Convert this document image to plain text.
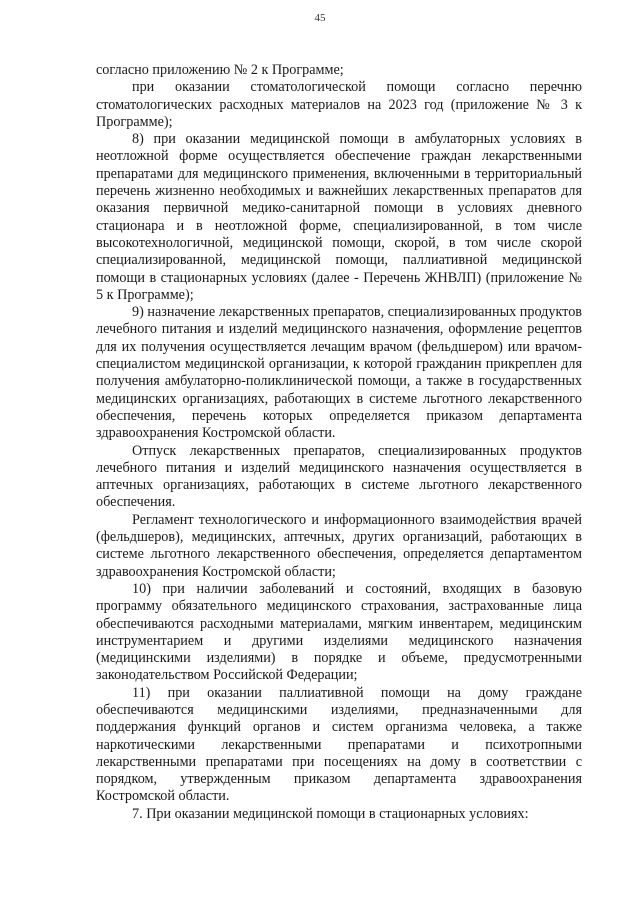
45

согласно приложению № 2 к Программе;

при оказании стоматологической помощи согласно перечню стоматологических расходных материалов на 2023 год (приложение № 3 к Программе);

8) при оказании медицинской помощи в амбулаторных условиях в неотложной форме осуществляется обеспечение граждан лекарственными препаратами для медицинского применения, включенными в территориальный перечень жизненно необходимых и важнейших лекарственных препаратов для оказания первичной медико-санитарной помощи в условиях дневного стационара и в неотложной форме, специализированной, в том числе высокотехнологичной, медицинской помощи, скорой, в том числе скорой специализированной, медицинской помощи, паллиативной медицинской помощи в стационарных условиях (далее - Перечень ЖНВЛП) (приложение № 5 к Программе);

9) назначение лекарственных препаратов, специализированных продуктов лечебного питания и изделий медицинского назначения, оформление рецептов для их получения осуществляется лечащим врачом (фельдшером) или врачом-специалистом медицинской организации, к которой гражданин прикреплен для получения амбулаторно-поликлинической помощи, а также в государственных медицинских организациях, работающих в системе льготного лекарственного обеспечения, перечень которых определяется приказом департамента здравоохранения Костромской области.

Отпуск лекарственных препаратов, специализированных продуктов лечебного питания и изделий медицинского назначения осуществляется в аптечных организациях, работающих в системе льготного лекарственного обеспечения.

Регламент технологического и информационного взаимодействия врачей (фельдшеров), медицинских, аптечных, других организаций, работающих в системе льготного лекарственного обеспечения, определяется департаментом здравоохранения Костромской области;

10) при наличии заболеваний и состояний, входящих в базовую программу обязательного медицинского страхования, застрахованные лица обеспечиваются расходными материалами, мягким инвентарем, медицинским инструментарием и другими изделиями медицинского назначения (медицинскими изделиями) в порядке и объеме, предусмотренными законодательством Российской Федерации;

11) при оказании паллиативной помощи на дому граждане обеспечиваются медицинскими изделиями, предназначенными для поддержания функций органов и систем организма человека, а также наркотическими лекарственными препаратами и психотропными лекарственными препаратами при посещениях на дому в соответствии с порядком, утвержденным приказом департамента здравоохранения Костромской области.

7. При оказании медицинской помощи в стационарных условиях:
